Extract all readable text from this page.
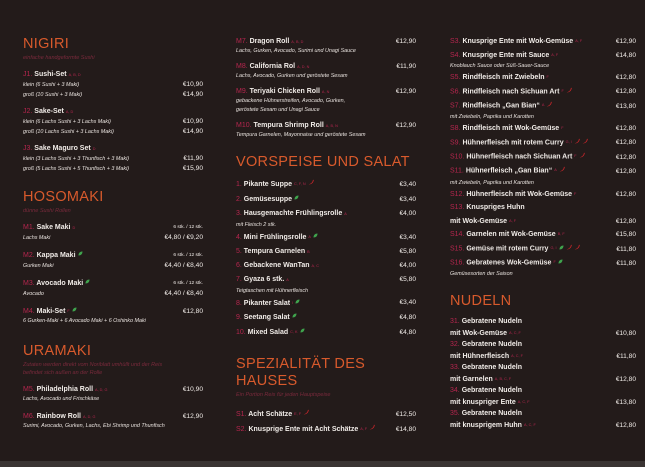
NIGIRI
einfache handgeformte Sushi
J1. Sushi-Set $^{A, B, D}$
klein (6 Sushi + 3 Maki)	€10,90
groß (10 Sushi + 3 Maki)	€14,90
J2. Sake-Set $^{A, D}$
klein (6 Lachs Sushi + 3 Lachs Maki)	€10,90
groß (10 Lachs Sushi + 3 Lachs Maki)	€14,90
J3. Sake Maguro Set $^D$
klein (3 Lachs Sushi + 3 Thunfisch + 3 Maki)	€11,90
groß (5 Lachs Sushi + 5 Thunfisch + 3 Maki)	€15,90
HOSOMAKI
dünne Sushi Rollen
M1. Sake Maki $^D$	6 stk. / 12 stk.
Lachs Maki	€4,80 / €9,20
M2. Kappa Maki	6 stk. / 12 stk.
Gurken Maki	€4,40 / €8,40
M3. Avocado Maki	6 stk. / 12 stk.
Avocado	€4,40 / €8,40
M4. Maki-Set $^F$	€12,80
6 Gurken-Maki + 6 Avocado Maki + 6 Oshinko Maki
URAMAKI
Zutaten werden direkt vom Noriblatt umhüllt und der Reis
befindet sich außen an der Rolle
M5. Philadelphia Roll $^{A, D, G}$	€10,90
Lachs, Avocado und Frischkäse
M6. Rainbow Roll $^{A, D, G}$	€12,90
Surimi, Avocado, Gurken, Lachs, Ebi Shrimp und Thunfisch
M7. Dragon Roll $^{A, B, D}$	€12,90
Lachs, Gurken, Avocado, Surimi und Unagi Sauce
M8. California Rol $^{A, D, N}$	€11,90
Lachs, Avocado, Gurken und geröstete Sesam
M9. Teriyaki Chicken Roll $^{A, N}$	€12,90
gebackene Hühnerstreifen, Avocado, Gurken,
geröstete Sesam und Unagi Sauce
M10. Tempura Shrimp Roll $^{A, B, N}$	€12,90
Tempura Garnelen, Mayonnaise und geröstete Sesam
VORSPEISE UND SALAT
1. Pikante Suppe $^{C, F, N}$	€3,40
2. Gemüsesuppe	€3,40
3. Hausgemachte Frühlingsrolle $^A$	€4,00
mit Fleisch 2 stk.
4. Mini Frühlingsrolle $^A$	€3,40
5. Tempura Garnelen $^B$	€5,80
6. Gebackene WanTan $^{A, C}$	€4,00
7. Gyaza 6 stk. $^A$	€5,80
Teigtaschen mit Hühnerfleisch
8. Pikanter Salat $^I$	€3,40
9. Seetang Salat	€4,80
10. Mixed Salad $^{C, K}$	€4,80
SPEZIALITÄT DES
HAUSES
Ein Portion Reis für jeden Hauptspeise
S1. Acht Schätze $^{E, F}$	€12,50
S2. Knusprige Ente mit Acht Schätze $^{A, F}$	€14,80
S3. Knusprige Ente mit Wok-Gemüse $^{A, F}$	€12,90
S4. Knusprige Ente mit Sauce $^{A, F}$	€14,80
Knoblauch Sauce oder Süß-Sauer-Sauce
S5. Rindfleisch mit Zwiebeln $^F$	€12,80
S6. Rindfleisch nach Sichuan Art $^F$	€12,80
S7. Rindfleisch „Gan Bian“ $^A$	€13,80
mit Zwiebeln, Paprika und Karotten
S8. Rindfleisch mit Wok-Gemüse $^F$	€12,80
S9. Hühnerfleisch mit rotem Curry $^{G, I}$	€12,80
S10. Hühnerfleisch nach Sichuan Art $^F$	€12,80
S11. Hühnerfleisch „Gan Bian“ $^A$	€12,80
mit Zwiebeln, Paprika und Karotten
S12. Hühnerfleisch mit Wok-Gemüse $^F$	€12,80
S13. Knuspriges Huhn
mit Wok-Gemüse $^{A, F}$	€12,80
S14. Garnelen mit Wok-Gemüse $^{B, F}$	€15,80
S15. Gemüse mit rotem Curry $^{G, I}$	€11,80
S16. Gebratenes Wok-Gemüse $^F$	€11,80
Gemüsesorten der Saison
NUDELN
31. Gebratene Nudeln
mit Wok-Gemüse $^{A, C, F}$	€10,80
32. Gebratene Nudeln
mit Hühnerfleisch $^{A, C, F}$	€11,80
33. Gebratene Nudeln
mit Garnelen $^{A, B, C, F}$	€12,80
34. Gebratene Nudeln
mit knuspriger Ente $^{A, C, F}$	€13,80
35. Gebratene Nudeln
mit knusprigem Huhn $^{A, C, F}$	€12,80
